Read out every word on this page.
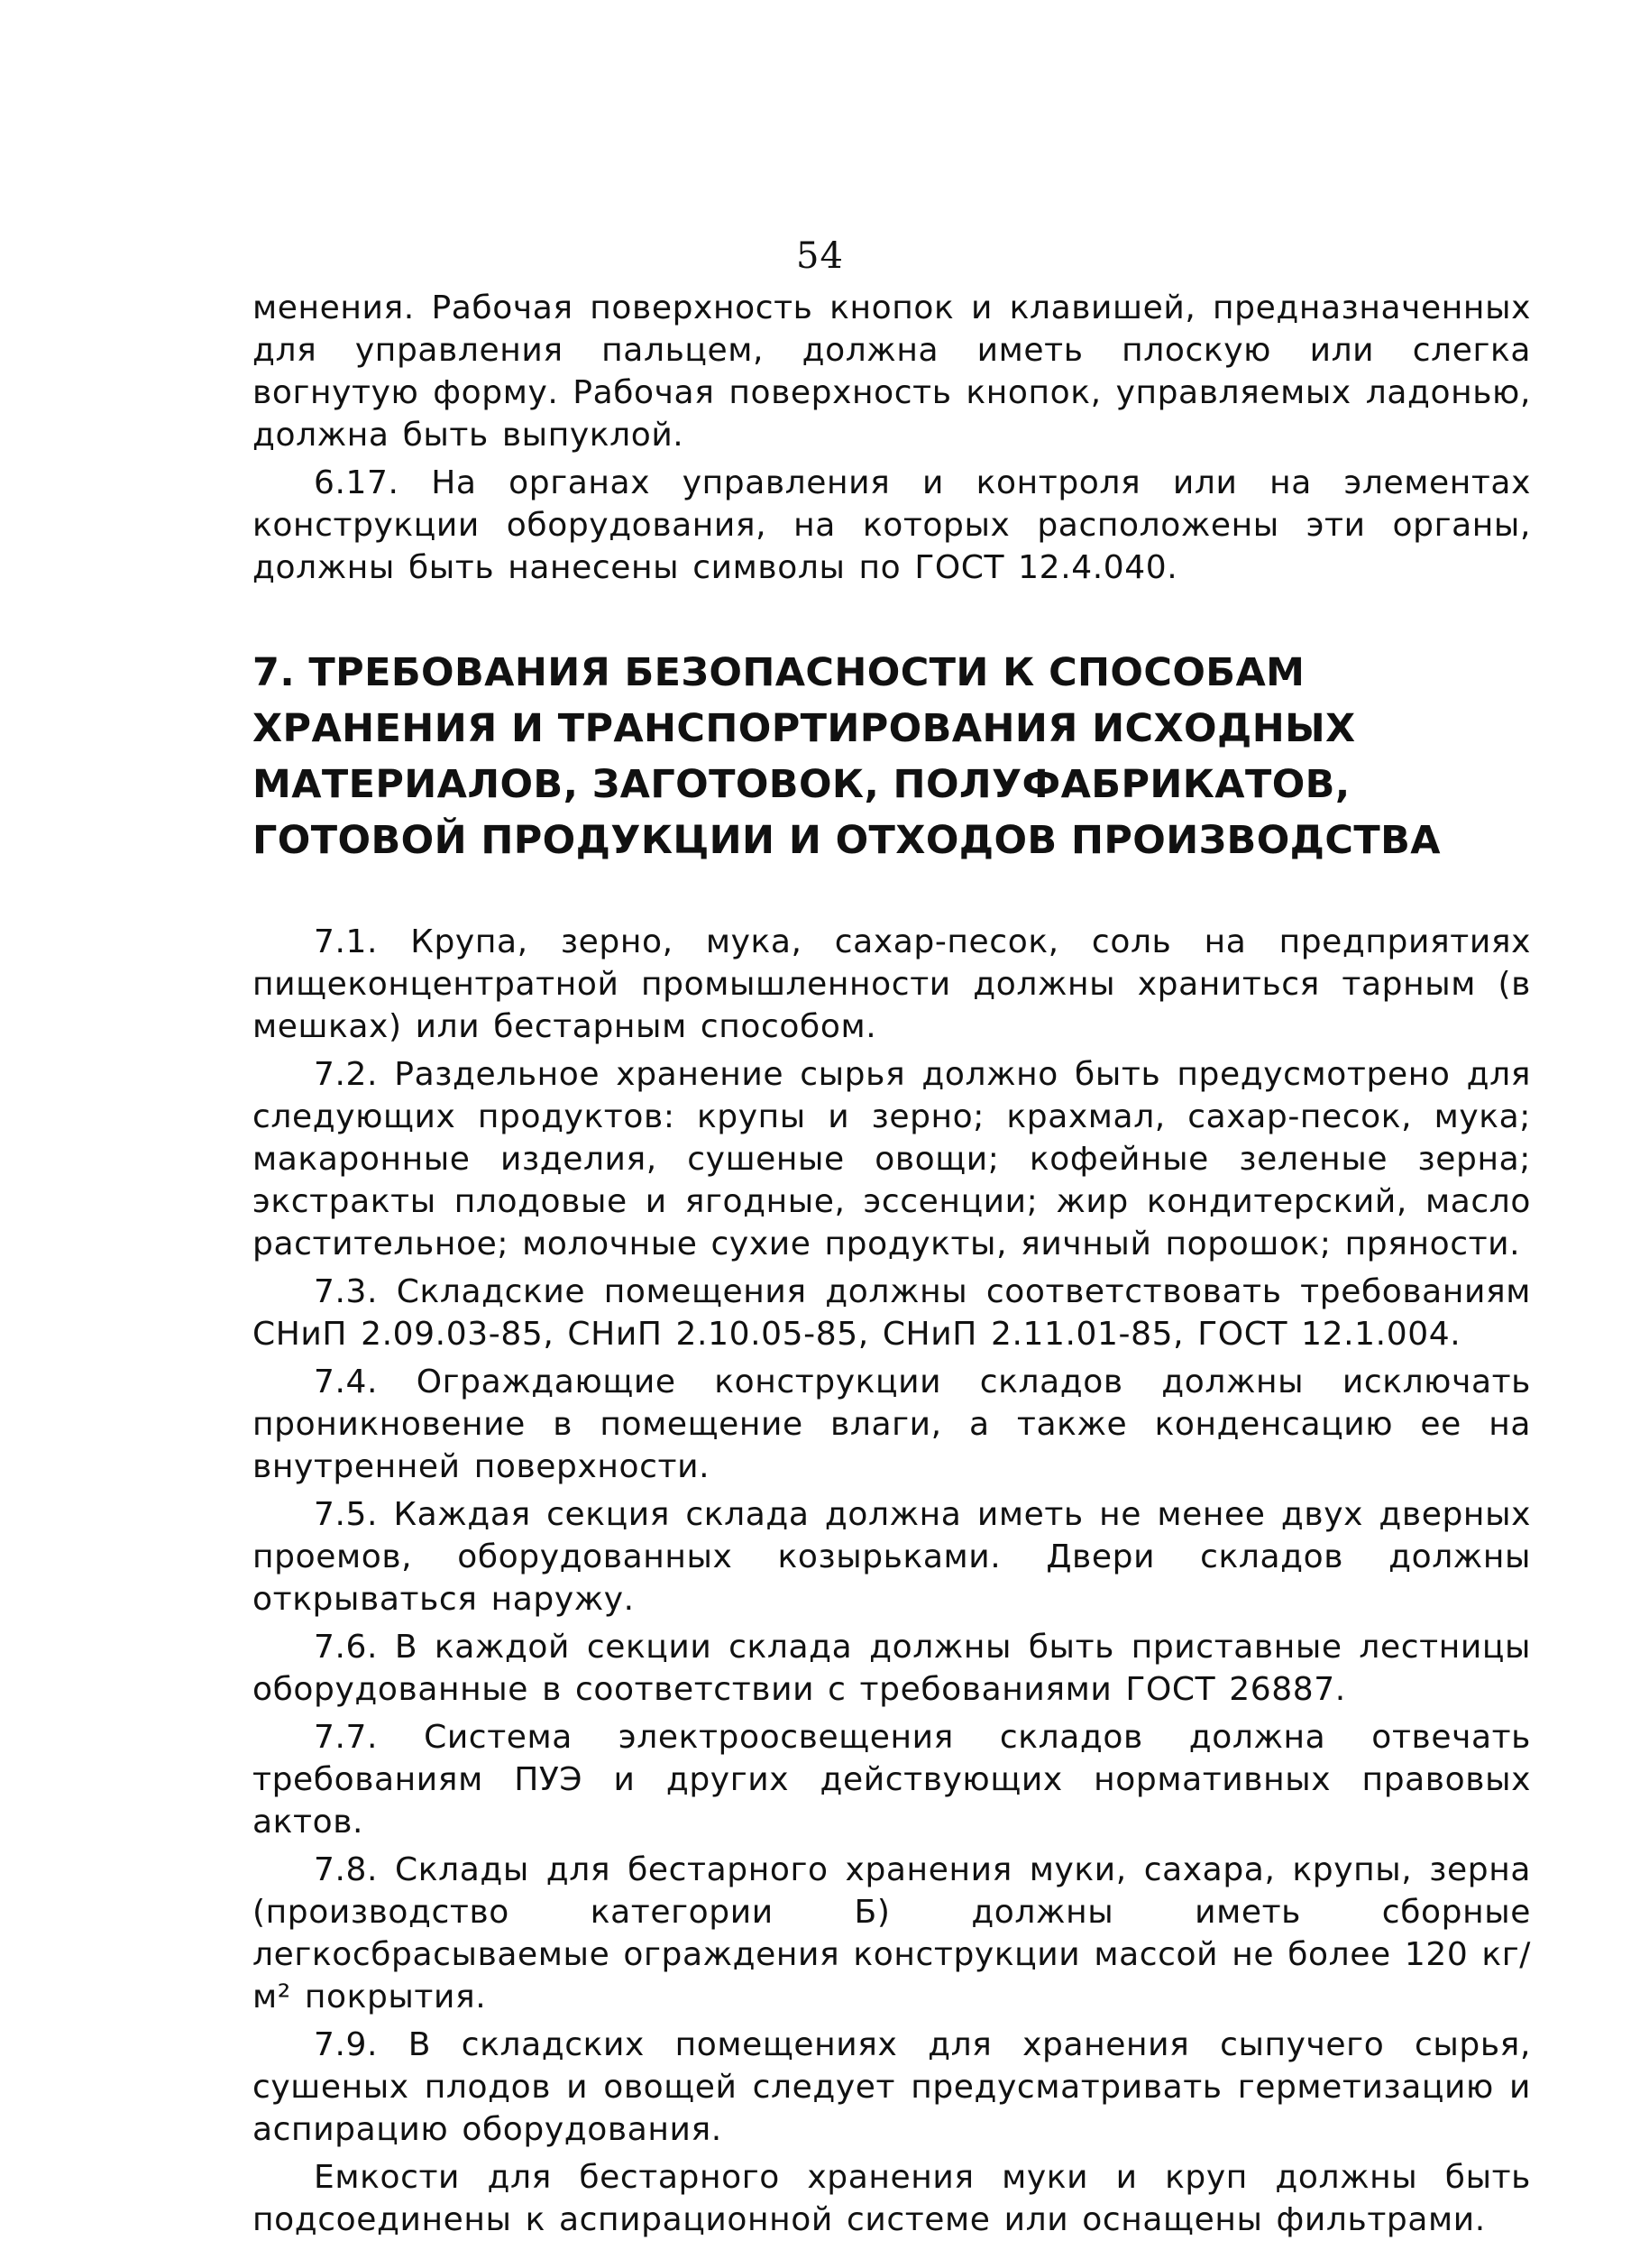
54

менения. Рабочая поверхность кнопок и клавишей, предназначенных для управления пальцем, должна иметь плоскую или слегка вогнутую форму. Рабочая поверхность кнопок, управляемых ладонью, должна быть выпуклой.

6.17. На органах управления и контроля или на элементах конструкции оборудования, на которых расположены эти органы, должны быть нанесены символы по ГОСТ 12.4.040.

7. ТРЕБОВАНИЯ БЕЗОПАСНОСТИ К СПОСОБАМ ХРАНЕНИЯ И ТРАНСПОРТИРОВАНИЯ ИСХОДНЫХ МАТЕРИАЛОВ, ЗАГОТОВОК, ПОЛУФАБРИКАТОВ, ГОТОВОЙ ПРОДУКЦИИ И ОТХОДОВ ПРОИЗВОДСТВА

7.1. Крупа, зерно, мука, сахар-песок, соль на предприятиях пищеконцентратной промышленности должны храниться тарным (в мешках) или бестарным способом.

7.2. Раздельное хранение сырья должно быть предусмотрено для следующих продуктов: крупы и зерно; крахмал, сахар-песок, мука; макаронные изделия, сушеные овощи; кофейные зеленые зерна; экстракты плодовые и ягодные, эссенции; жир кондитерский, масло растительное; молочные сухие продукты, яичный порошок; пряности.

7.3. Складские помещения должны соответствовать требованиям СНиП 2.09.03-85, СНиП 2.10.05-85, СНиП 2.11.01-85, ГОСТ 12.1.004.

7.4. Ограждающие конструкции складов должны исключать проникновение в помещение влаги, а также конденсацию ее на внутренней поверхности.

7.5. Каждая секция склада должна иметь не менее двух дверных проемов, оборудованных козырьками. Двери складов должны открываться наружу.

7.6. В каждой секции склада должны быть приставные лестницы оборудованные в соответствии с требованиями ГОСТ 26887.

7.7. Система электроосвещения складов должна отвечать требованиям ПУЭ и других действующих нормативных правовых актов.

7.8. Склады для бестарного хранения муки, сахара, крупы, зерна (производство категории Б) должны иметь сборные легкосбрасываемые ограждения конструкции массой не более 120 кг/м² покрытия.

7.9. В складских помещениях для хранения сыпучего сырья, сушеных плодов и овощей следует предусматривать герметизацию и аспирацию оборудования.

Емкости для бестарного хранения муки и круп должны быть подсоединены к аспирационной системе или оснащены фильтрами.
